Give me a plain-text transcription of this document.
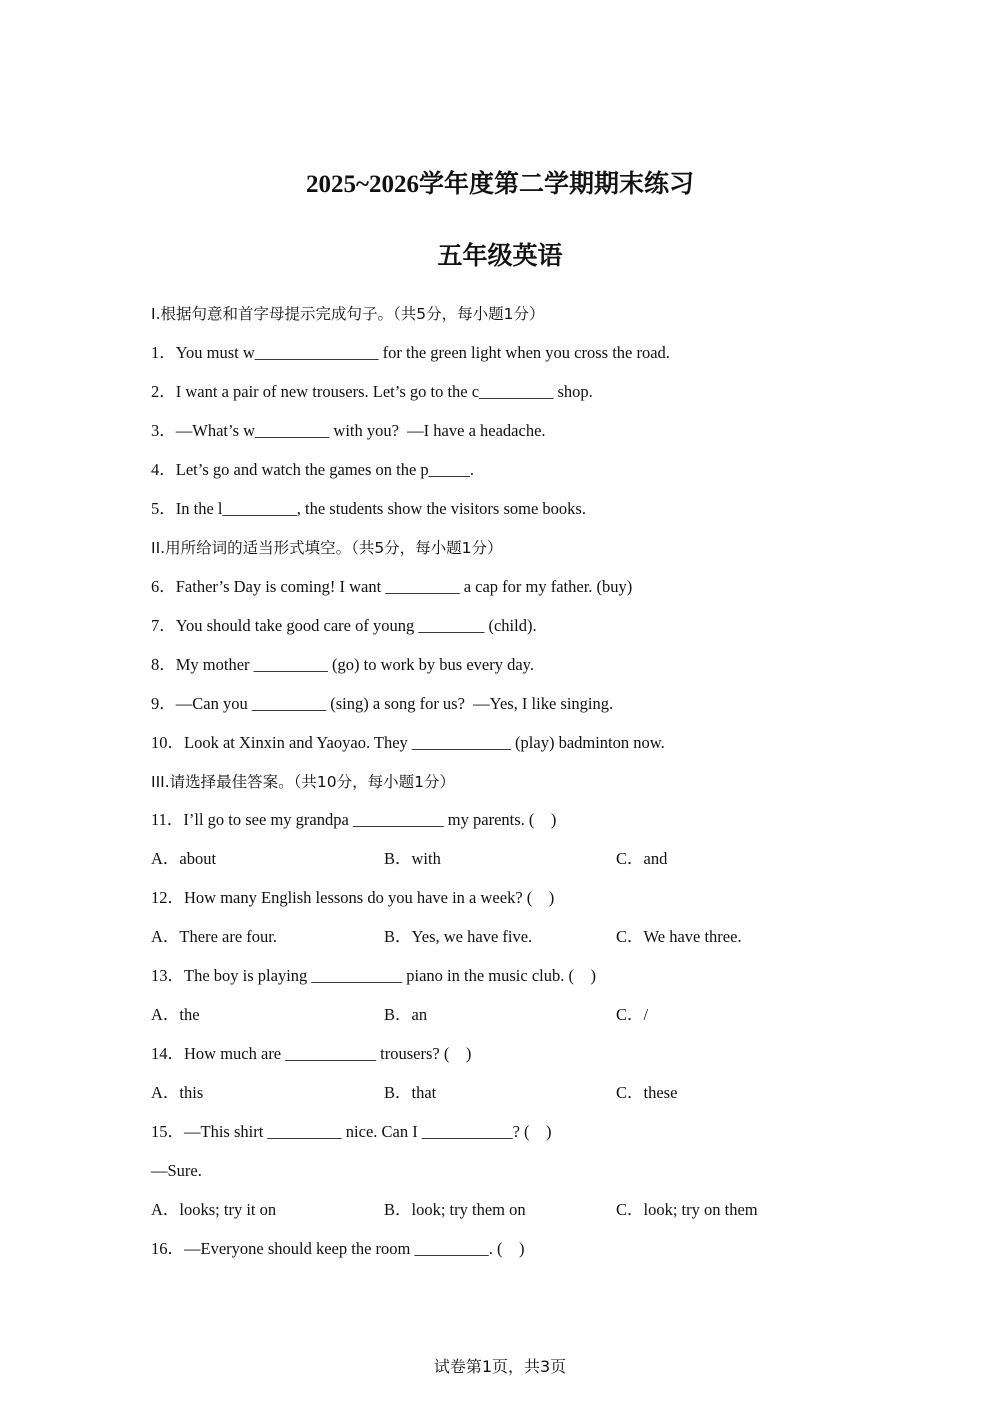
2025~2026学年度第二学期期末练习
五年级英语
I.根据句意和首字母提示完成句子。（共5分，每小题1分）
1．You must w_______________ for the green light when you cross the road.
2．I want a pair of new trousers. Let’s go to the c_________ shop.
3．—What’s w_________ with you?  —I have a headache.
4．Let’s go and watch the games on the p_____.
5．In the l_________, the students show the visitors some books.
II.用所给词的适当形式填空。（共5分，每小题1分）
6．Father’s Day is coming! I want _________ a cap for my father. (buy)
7．You should take good care of young ________ (child).
8．My mother _________ (go) to work by bus every day.
9．—Can you _________ (sing) a song for us?  —Yes, I like singing.
10．Look at Xinxin and Yaoyao. They ____________ (play) badminton now.
III.请选择最佳答案。（共10分，每小题1分）
11．I’ll go to see my grandpa ___________ my parents. (    )
A．about	B．with	C．and
12．How many English lessons do you have in a week? (    )
A．There are four.	B．Yes, we have five.	C．We have three.
13．The boy is playing ___________ piano in the music club. (    )
A．the	B．an	C．/
14．How much are ___________ trousers? (    )
A．this	B．that	C．these
15．—This shirt _________ nice. Can I ___________? (    )
—Sure.
A．looks; try it on	B．look; try them on	C．look; try on them
16．—Everyone should keep the room _________. (    )
试卷第1页，共3页
